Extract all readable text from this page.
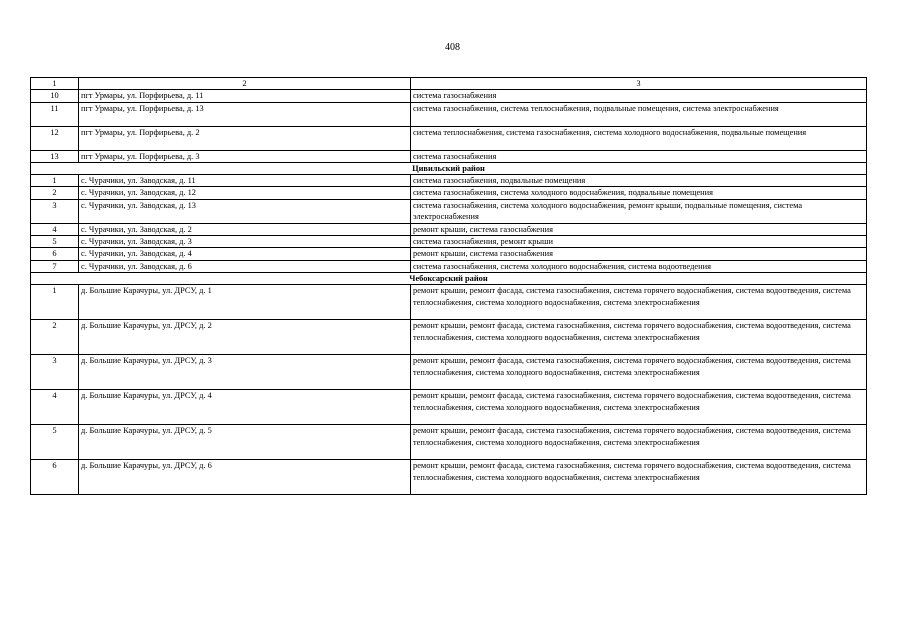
408
1	2	3
10	пгт Урмары, ул. Порфирьева, д. 11	система газоснабжения
11	пгт Урмары, ул. Порфирьева, д. 13	система газоснабжения, система теплоснабжения, подвальные помещения, система электроснабжения
12	пгт Урмары, ул. Порфирьева, д. 2	система теплоснабжения, система газоснабжения, система холодного водоснабжения, подвальные помещения
13	пгт Урмары, ул. Порфирьева, д. 3	система газоснабжения
Цивильский район		
1	с. Чурачики, ул. Заводская, д. 11	система газоснабжения, подвальные помещения
2	с. Чурачики, ул. Заводская, д. 12	система газоснабжения, система холодного водоснабжения, подвальные помещения
3	с. Чурачики, ул. Заводская, д. 13	система газоснабжения, система холодного водоснабжения, ремонт крыши, подвальные помещения, система электроснабжения
4	с. Чурачики, ул. Заводская, д. 2	ремонт крыши, система газоснабжения
5	с. Чурачики, ул. Заводская, д. 3	система газоснабжения, ремонт крыши
6	с. Чурачики, ул. Заводская, д. 4	ремонт крыши, система газоснабжения
7	с. Чурачики, ул. Заводская, д. 6	система газоснабжения, система холодного водоснабжения, система водоотведения
Чебоксарский район		
1	д. Большие Карачуры, ул. ДРСУ, д. 1	ремонт крыши, ремонт фасада, система газоснабжения, система горячего водоснабжения, система водоотведения, система теплоснабжения, система холодного водоснабжения, система электроснабжения
2	д. Большие Карачуры, ул. ДРСУ, д. 2	ремонт крыши, ремонт фасада, система газоснабжения, система горячего водоснабжения, система водоотведения, система теплоснабжения, система холодного водоснабжения, система электроснабжения
3	д. Большие Карачуры, ул. ДРСУ, д. 3	ремонт крыши, ремонт фасада, система газоснабжения, система горячего водоснабжения, система водоотведения, система теплоснабжения, система холодного водоснабжения, система электроснабжения
4	д. Большие Карачуры, ул. ДРСУ, д. 4	ремонт крыши, ремонт фасада, система газоснабжения, система горячего водоснабжения, система водоотведения, система теплоснабжения, система холодного водоснабжения, система электроснабжения
5	д. Большие Карачуры, ул. ДРСУ, д. 5	ремонт крыши, ремонт фасада, система газоснабжения, система горячего водоснабжения, система водоотведения, система теплоснабжения, система холодного водоснабжения, система электроснабжения
6	д. Большие Карачуры, ул. ДРСУ, д. 6	ремонт крыши, ремонт фасада, система газоснабжения, система горячего водоснабжения, система водоотведения, система теплоснабжения, система холодного водоснабжения, система электроснабжения
